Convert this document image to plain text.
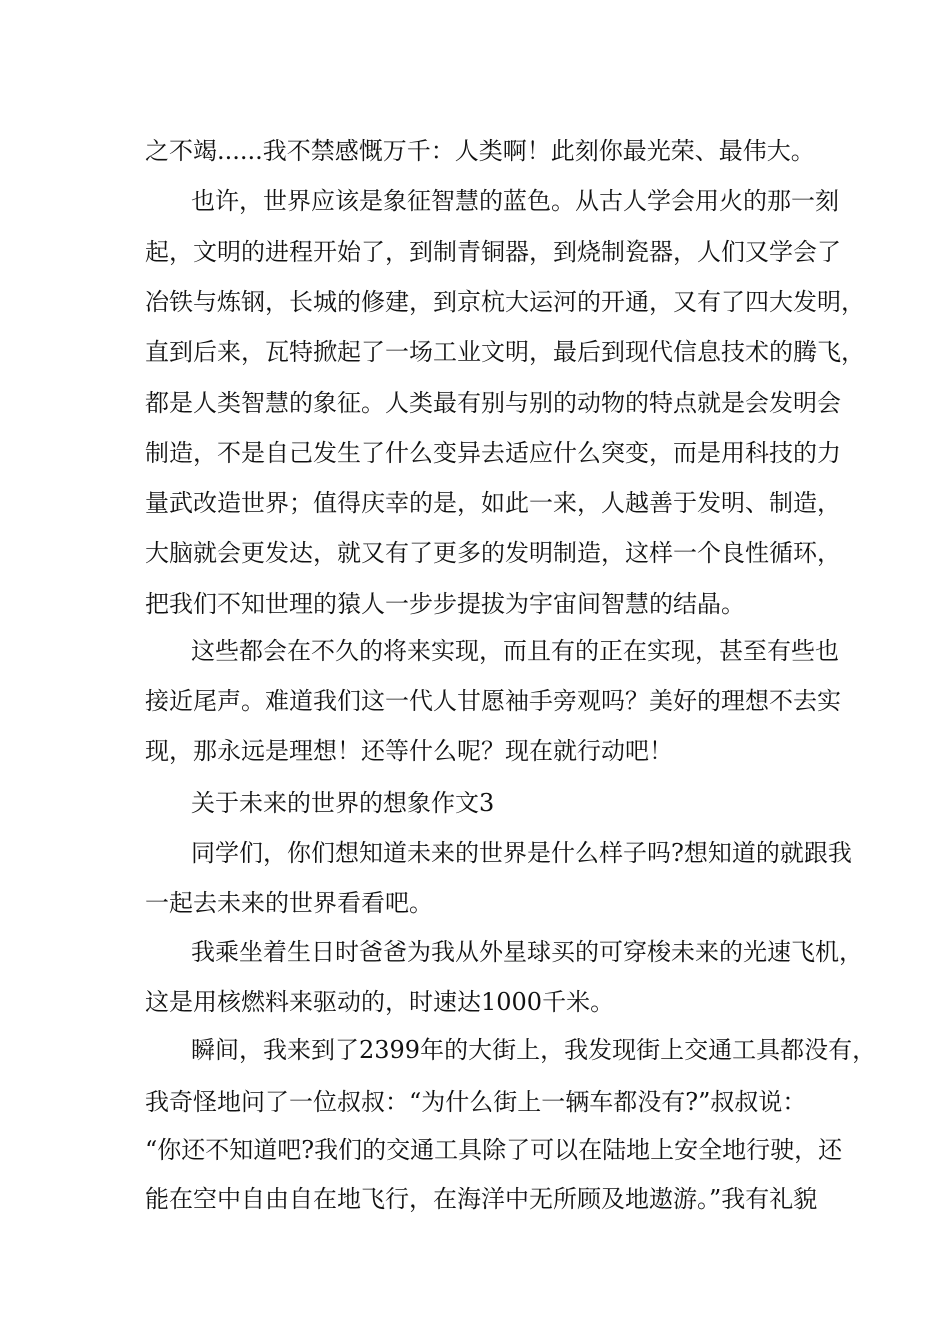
之不竭......我不禁感慨万千：人类啊！此刻你最光荣、最伟大。
也许，世界应该是象征智慧的蓝色。从古人学会用火的那一刻
起，文明的进程开始了，到制青铜器，到烧制瓷器，人们又学会了
冶铁与炼钢，长城的修建，到京杭大运河的开通，又有了四大发明，
直到后来，瓦特掀起了一场工业文明，最后到现代信息技术的腾飞，
都是人类智慧的象征。人类最有别与别的动物的特点就是会发明会
制造，不是自己发生了什么变异去适应什么突变，而是用科技的力
量武改造世界；值得庆幸的是，如此一来，人越善于发明、制造，
大脑就会更发达，就又有了更多的发明制造，这样一个良性循环，
把我们不知世理的猿人一步步提拔为宇宙间智慧的结晶。
这些都会在不久的将来实现，而且有的正在实现，甚至有些也
接近尾声。难道我们这一代人甘愿袖手旁观吗？美好的理想不去实
现，那永远是理想！还等什么呢？现在就行动吧！
关于未来的世界的想象作文3
同学们，你们想知道未来的世界是什么样子吗?想知道的就跟我
一起去未来的世界看看吧。
我乘坐着生日时爸爸为我从外星球买的可穿梭未来的光速飞机，
这是用核燃料来驱动的，时速达1000千米。
瞬间，我来到了2399年的大街上，我发现街上交通工具都没有，
我奇怪地问了一位叔叔：“为什么街上一辆车都没有?”叔叔说：
“你还不知道吧?我们的交通工具除了可以在陆地上安全地行驶，还
能在空中自由自在地飞行，在海洋中无所顾及地遨游。”我有礼貌
